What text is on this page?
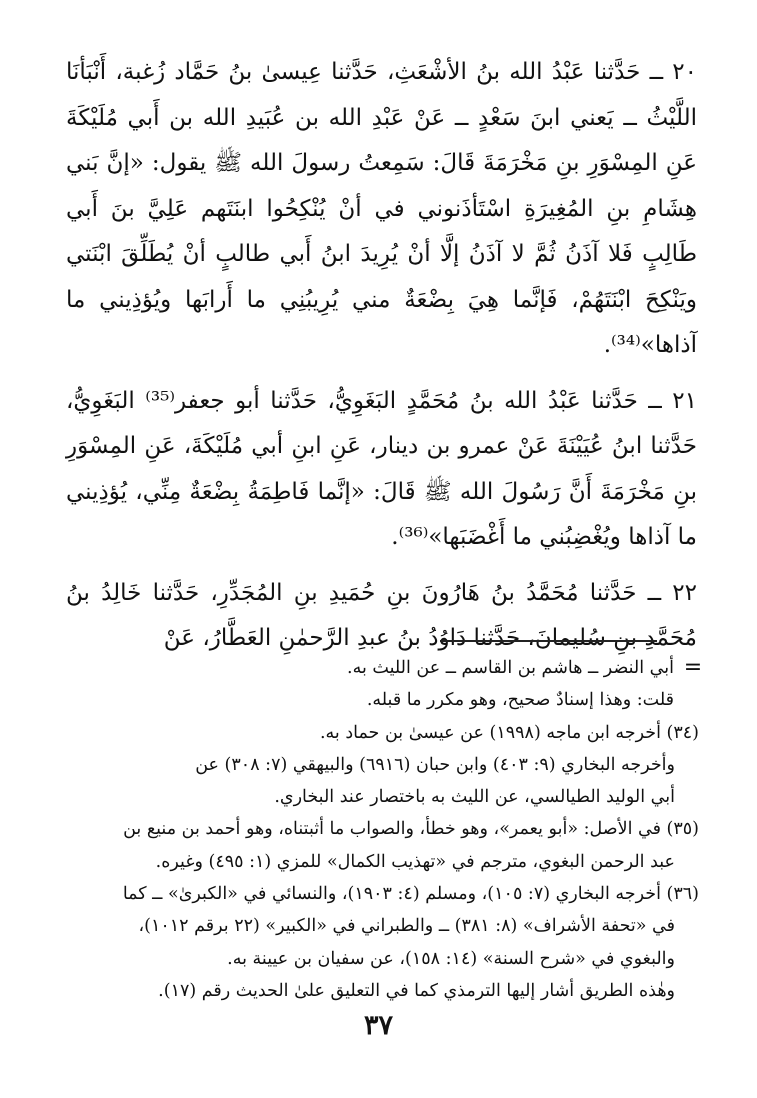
٢٠ ــ حَدَّثنا عَبْدُ الله بنُ الأشْعَثِ، حَدَّثنا عِيسىٰ بنُ حَمَّاد زُغبة، أَنْبَأنَا اللَّيْثُ ــ يَعني ابنَ سَعْدٍ ــ عَنْ عَبْدِ الله بن عُبَيدِ الله بن أَبي مُلَيْكَةَ عَنِ المِسْوَرِ بنِ مَخْرَمَةَ قَالَ: سَمِعتُ رسولَ الله ﷺ يقول: «إنَّ بَني هِشَامِ بنِ المُغِيرَةِ اسْتَأذَنوني في أنْ يُنْكِحُوا ابنَتَهم عَلِيَّ بنَ أَبي طَالِبٍ فَلا آذَنُ ثُمَّ لا آذَنُ إلَّا أنْ يُرِيدَ ابنُ أَبي طالبٍ أنْ يُطَلِّقَ ابْنَتي ويَنْكِحَ ابْنَتَهُمْ، فَإنَّما هِيَ بِضْعَةٌ مني يُرِيبُنِي ما أَرابَها ويُؤذِيني ما آذاها»⁽³⁴⁾.

٢١ ــ حَدَّثنا عَبْدُ الله بنُ مُحَمَّدٍ البَغَوِيُّ، حَدَّثنا أبو جعفر⁽³⁵⁾ البَغَوِيُّ، حَدَّثنا ابنُ عُيَيْنَةَ عَنْ عمرو بن دينار، عَنِ ابنِ أبي مُلَيْكَةَ، عَنِ المِسْوَرِ بنِ مَخْرَمَةَ أَنَّ رَسُولَ الله ﷺ قَالَ: «إنَّما فَاطِمَةُ بِضْعَةٌ مِنِّي، يُؤذِيني ما آذاها ويُغْضِبُني ما أَغْضَبَها»⁽³⁶⁾.

٢٢ ــ حَدَّثنا مُحَمَّدُ بنُ هَارُونَ بنِ حُمَيدِ بنِ المُجَدِّرِ، حَدَّثنا خَالِدُ بنُ مُحَمَّدِ بنِ سُليمانَ، حَدَّثنا دَاوُدُ بنُ عبدِ الرَّحمٰنِ العَطَّارُ، عَنْ

=

أبي النضر ــ هاشم بن القاسم ــ عن الليث به.

قلت: وهذا إسنادٌ صحيح، وهو مكرر ما قبله.

(٣٤) أخرجه ابن ماجه (١٩٩٨) عن عيسىٰ بن حماد به.

وأخرجه البخاري (٩: ٤٠٣) وابن حبان (٦٩١٦) والبيهقي (٧: ٣٠٨) عن

أبي الوليد الطيالسي، عن الليث به باختصار عند البخاري.

(٣٥) في الأصل: «أبو يعمر»، وهو خطأ، والصواب ما أثبتناه، وهو أحمد بن منيع بن

عبد الرحمن البغوي، مترجم في «تهذيب الكمال» للمزي (١: ٤٩٥) وغيره.

(٣٦) أخرجه البخاري (٧: ١٠٥)، ومسلم (٤: ١٩٠٣)، والنسائي في «الكبرىٰ» ــ كما

في «تحفة الأشراف» (٨: ٣٨١) ــ والطبراني في «الكبير» (٢٢ برقم ١٠١٢)،

والبغوي في «شرح السنة» (١٤: ١٥٨)، عن سفيان بن عيينة به.

وهٰذه الطريق أشار إليها الترمذي كما في التعليق علىٰ الحديث رقم (١٧).

٣٧
